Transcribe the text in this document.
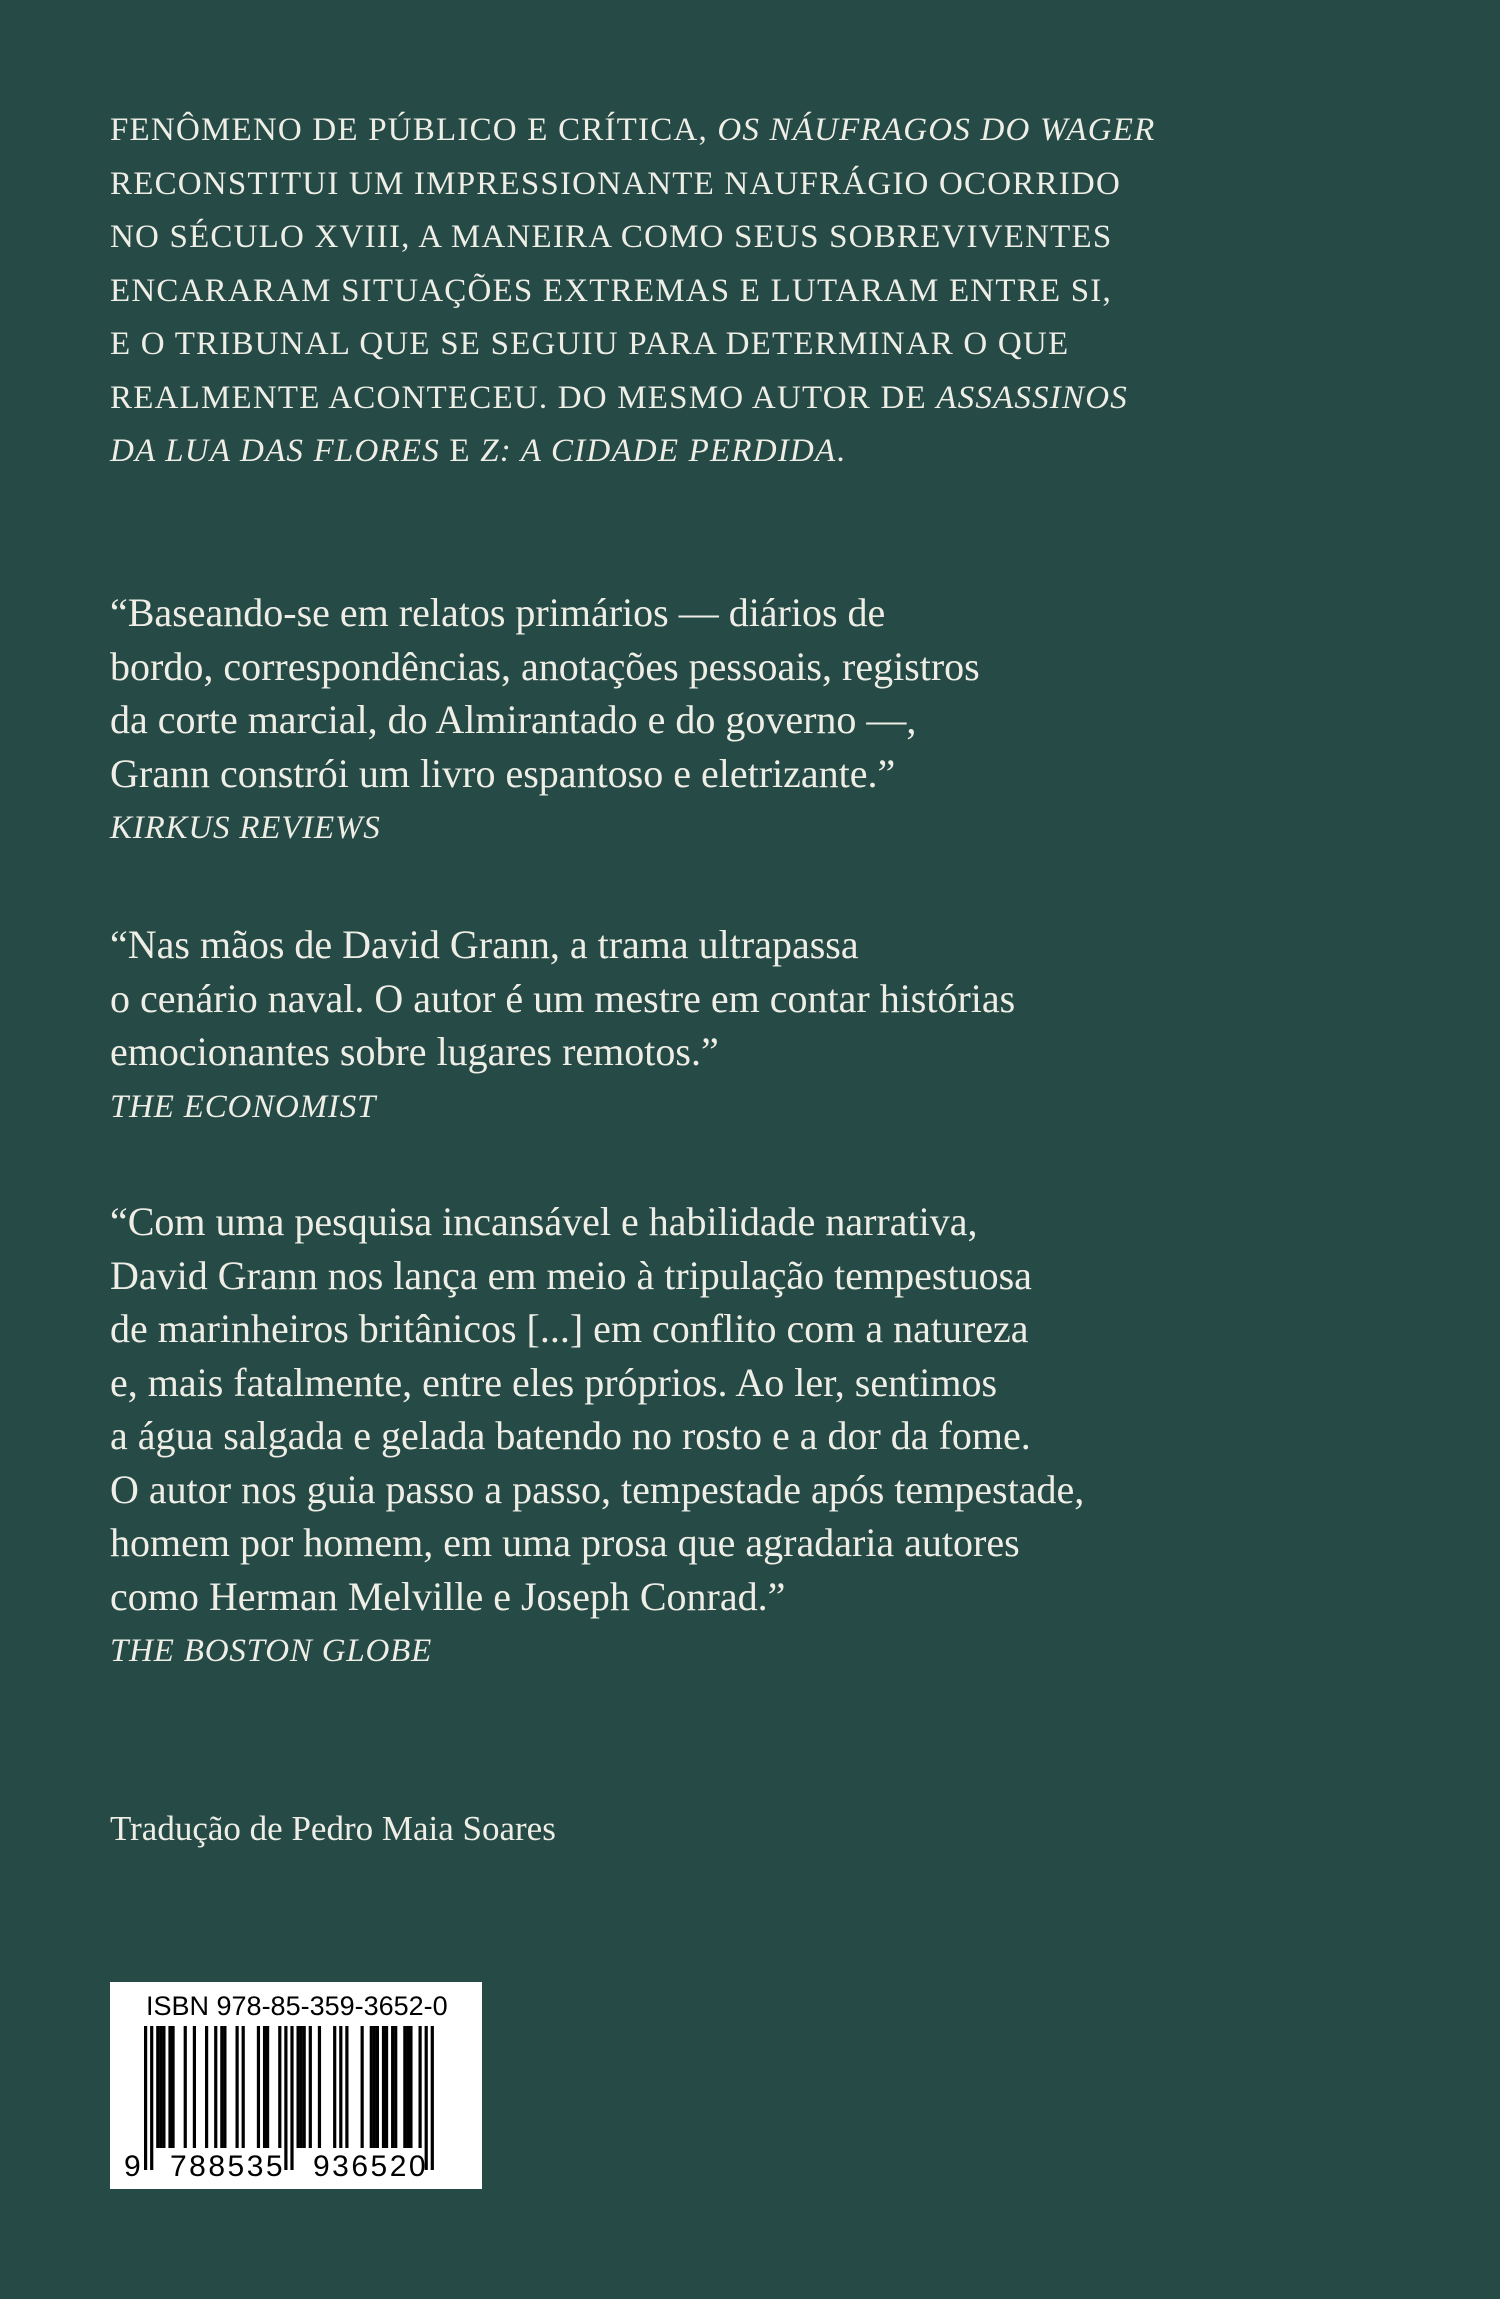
FENÔMENO DE PÚBLICO E CRÍTICA, OS NÁUFRAGOS DO WAGER
RECONSTITUI UM IMPRESSIONANTE NAUFRÁGIO OCORRIDO
NO SÉCULO XVIII, A MANEIRA COMO SEUS SOBREVIVENTES
ENCARARAM SITUAÇÕES EXTREMAS E LUTARAM ENTRE SI,
E O TRIBUNAL QUE SE SEGUIU PARA DETERMINAR O QUE
REALMENTE ACONTECEU. DO MESMO AUTOR DE ASSASSINOS
DA LUA DAS FLORES E Z: A CIDADE PERDIDA.
“Baseando-se em relatos primários — diários de
bordo, correspondências, anotações pessoais, registros
da corte marcial, do Almirantado e do governo —,
Grann constrói um livro espantoso e eletrizante.”
KIRKUS REVIEWS
“Nas mãos de David Grann, a trama ultrapassa
o cenário naval. O autor é um mestre em contar histórias
emocionantes sobre lugares remotos.”
THE ECONOMIST
“Com uma pesquisa incansável e habilidade narrativa,
David Grann nos lança em meio à tripulação tempestuosa
de marinheiros britânicos [...] em conflito com a natureza
e, mais fatalmente, entre eles próprios. Ao ler, sentimos
a água salgada e gelada batendo no rosto e a dor da fome.
O autor nos guia passo a passo, tempestade após tempestade,
homem por homem, em uma prosa que agradaria autores
como Herman Melville e Joseph Conrad.”
THE BOSTON GLOBE
Tradução de Pedro Maia Soares
ISBN 978-85-359-3652-0
9 788535 936520
